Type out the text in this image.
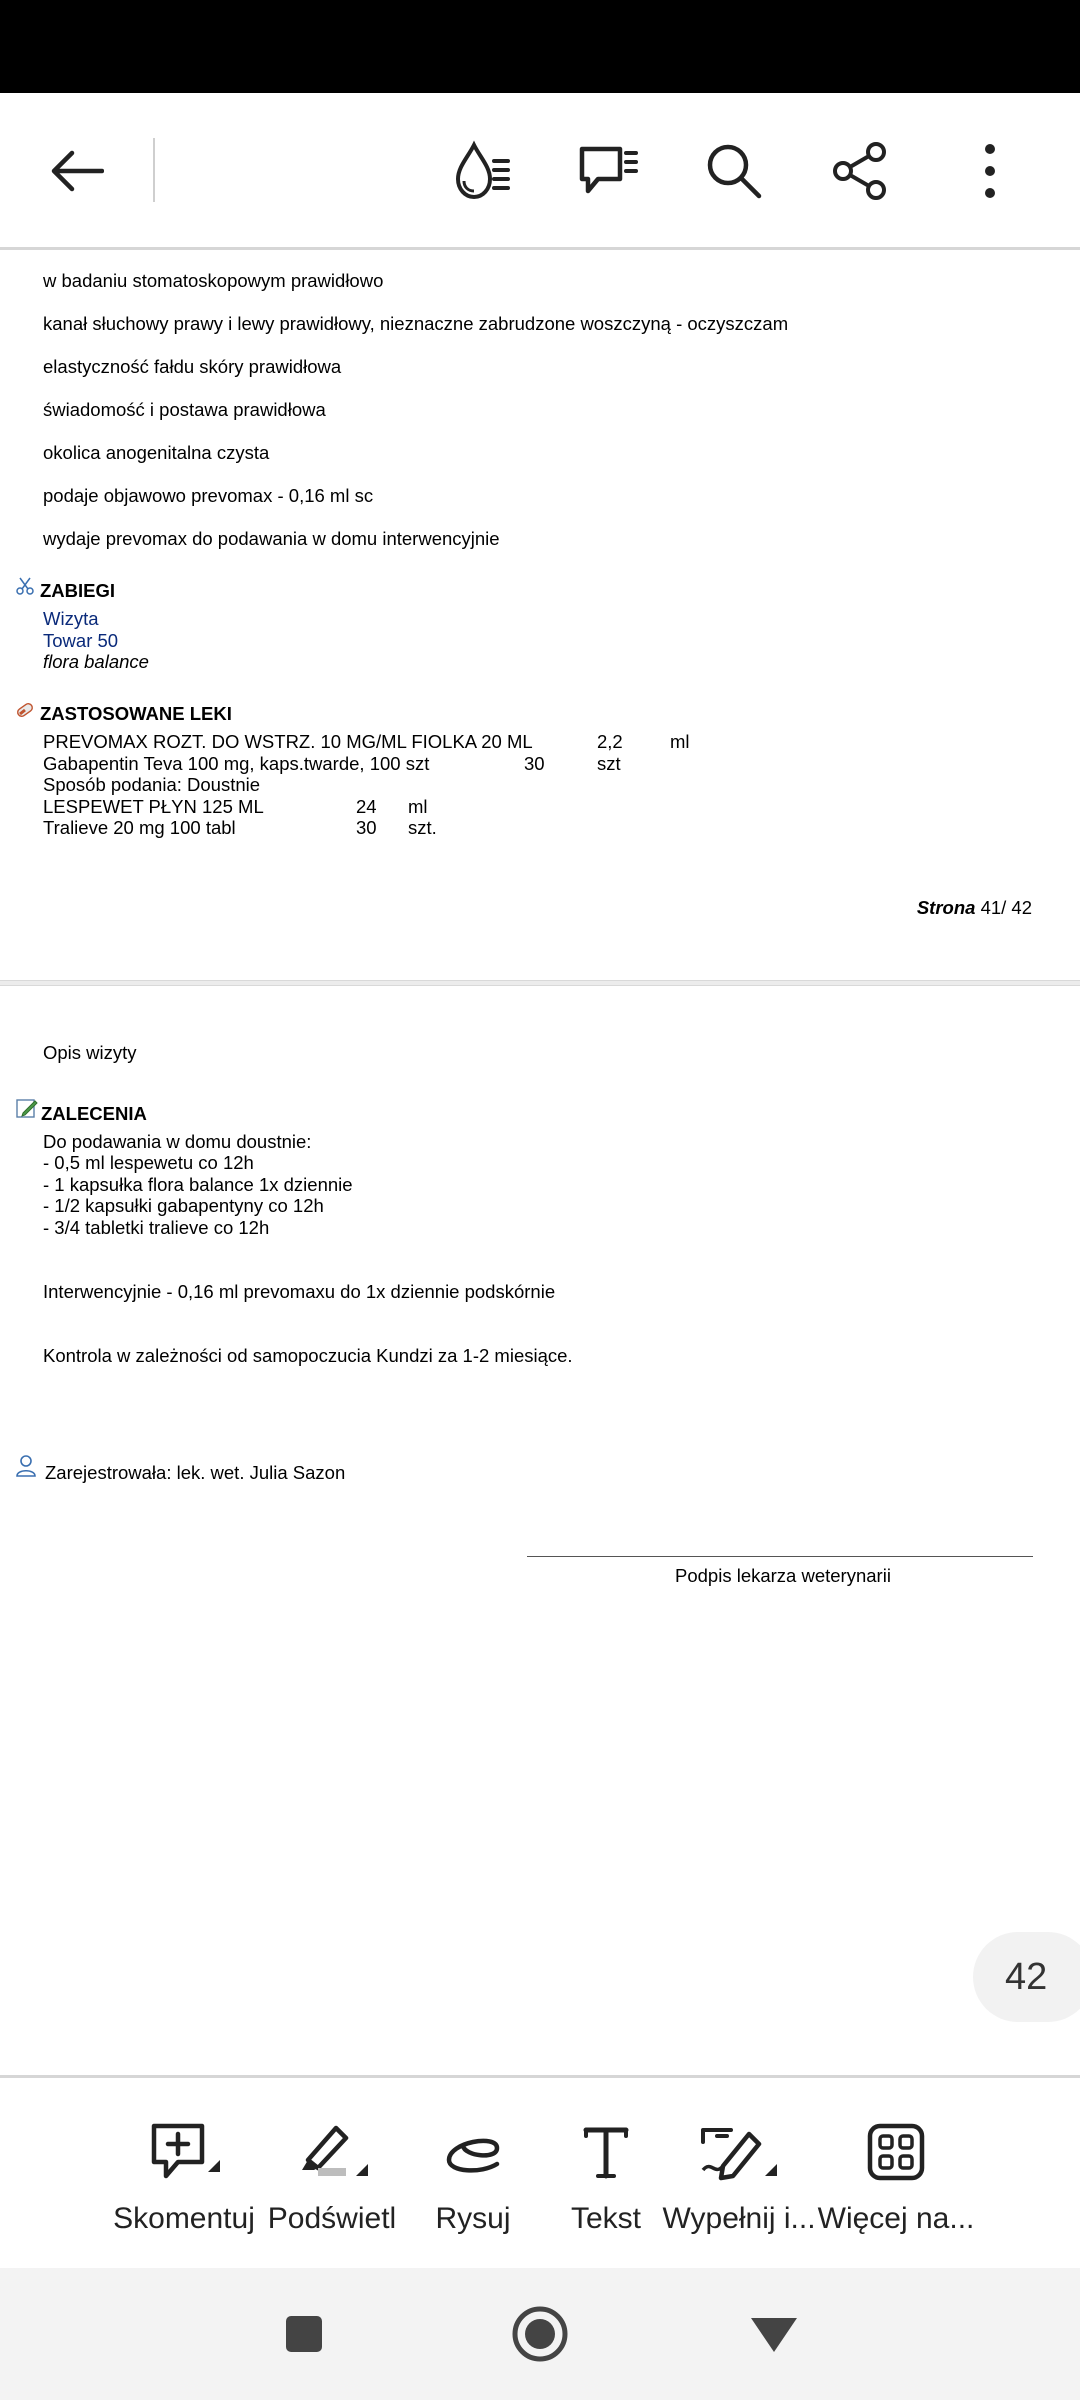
w badaniu stomatoskopowym prawidłowo
kanał słuchowy prawy i lewy prawidłowy, nieznaczne zabrudzone woszczyną - oczyszczam
elastyczność fałdu skóry prawidłowa
świadomość i postawa prawidłowa
okolica anogenitalna czysta
podaje objawowo prevomax - 0,16 ml sc
wydaje prevomax do podawania w domu interwencyjnie
ZABIEGI
Wizyta
Towar 50
flora balance
ZASTOSOWANE LEKI
PREVOMAX ROZT. DO WSTRZ. 10 MG/ML FIOLKA 20 ML	2,2	ml
Gabapentin Teva 100 mg, kaps.twarde, 100 szt	30	szt
Sposób podania: Doustnie
LESPEWET PŁYN 125 ML	24 ml
Tralieve 20 mg 100 tabl	30 szt.
Strona 41/ 42
Opis wizyty
ZALECENIA
Do podawania w domu doustnie:
- 0,5 ml lespewetu co 12h
- 1 kapsułka flora balance 1x dziennie
- 1/2 kapsułki gabapentyny co 12h
- 3/4 tabletki tralieve co 12h
Interwencyjnie - 0,16 ml prevomaxu do 1x dziennie podskórnie
Kontrola w zależności od samopoczucia Kundzi za 1-2 miesiące.
Zarejestrowała: lek. wet. Julia Sazon
Podpis lekarza weterynarii
42
Skomentuj Podświetl Rysuj Tekst Wypełnij i... Więcej na...
